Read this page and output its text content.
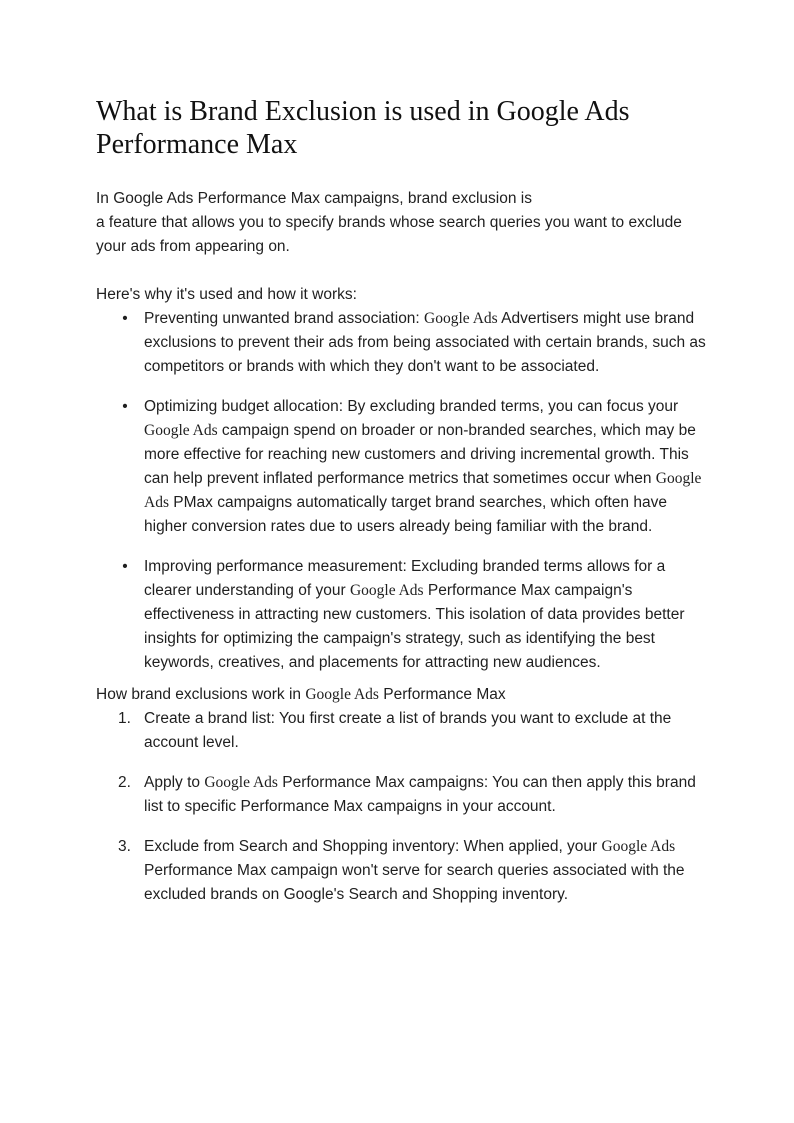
What is Brand Exclusion is used in Google Ads Performance Max
In Google Ads Performance Max campaigns, brand exclusion is
a feature that allows you to specify brands whose search queries you want to exclude your ads from appearing on.

Here's why it's used and how it works:

• Preventing unwanted brand association: Google Ads Advertisers might use brand exclusions to prevent their ads from being associated with certain brands, such as competitors or brands with which they don't want to be associated.
• Optimizing budget allocation: By excluding branded terms, you can focus your Google Ads campaign spend on broader or non-branded searches, which may be more effective for reaching new customers and driving incremental growth. This can help prevent inflated performance metrics that sometimes occur when Google Ads PMax campaigns automatically target brand searches, which often have higher conversion rates due to users already being familiar with the brand.
• Improving performance measurement: Excluding branded terms allows for a clearer understanding of your Google Ads Performance Max campaign's effectiveness in attracting new customers. This isolation of data provides better insights for optimizing the campaign's strategy, such as identifying the best keywords, creatives, and placements for attracting new audiences.

How brand exclusions work in Google Ads Performance Max

1. Create a brand list: You first create a list of brands you want to exclude at the account level.
2. Apply to Google Ads Performance Max campaigns: You can then apply this brand list to specific Performance Max campaigns in your account.
3. Exclude from Search and Shopping inventory: When applied, your Google Ads Performance Max campaign won't serve for search queries associated with the excluded brands on Google's Search and Shopping inventory.
